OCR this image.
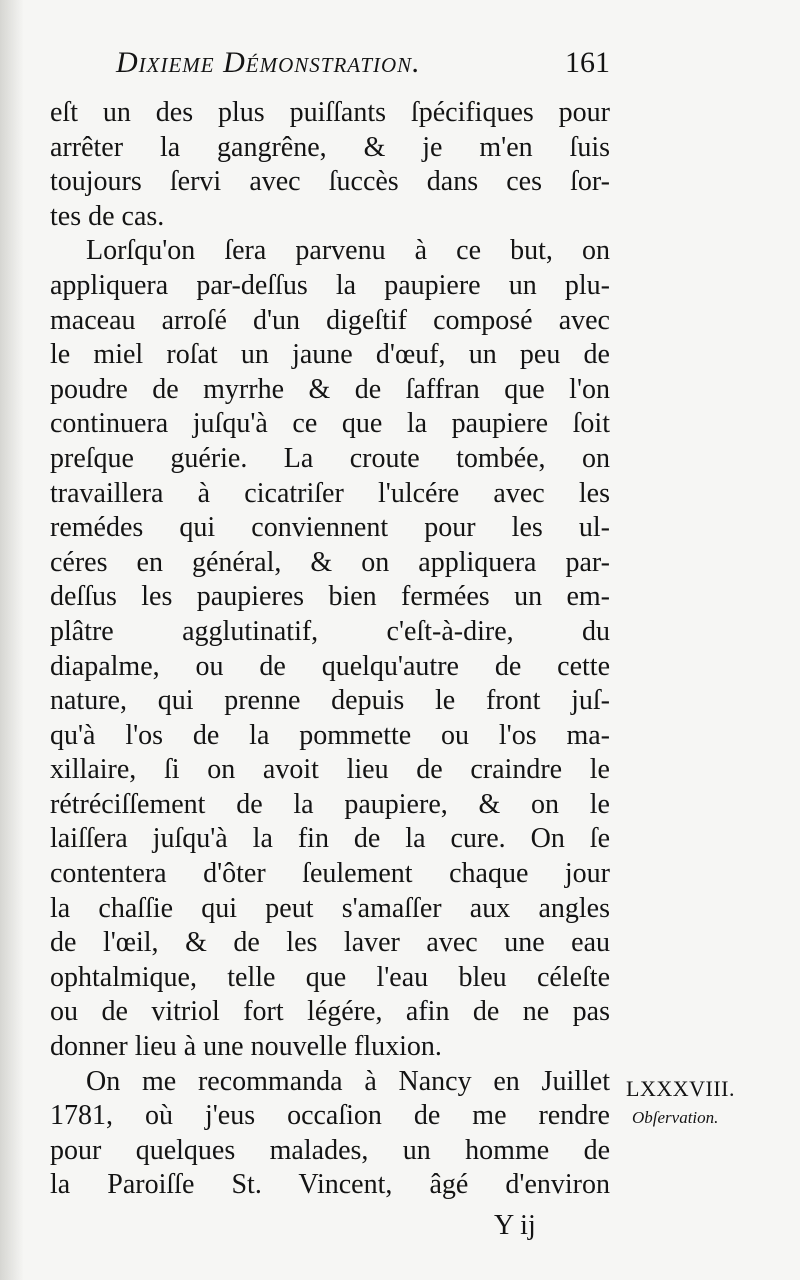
Dixieme Démonstration.	161
eſt un des plus puiſſants ſpécifiques pour
arrêter la gangrêne, & je m'en ſuis
toujours ſervi avec ſuccès dans ces ſor-
tes de cas.
Lorſqu'on ſera parvenu à ce but, on
appliquera par-deſſus la paupiere un plu-
maceau arroſé d'un digeſtif composé avec
le miel roſat un jaune d'œuf, un peu de
poudre de myrrhe & de ſaffran que l'on
continuera juſqu'à ce que la paupiere ſoit
preſque guérie. La croute tombée, on
travaillera à cicatriſer l'ulcére avec les
remédes qui conviennent pour les ul-
céres en général, & on appliquera par-
deſſus les paupieres bien fermées un em-
plâtre agglutinatif, c'eſt-à-dire, du
diapalme, ou de quelqu'autre de cette
nature, qui prenne depuis le front juſ-
qu'à l'os de la pommette ou l'os ma-
xillaire, ſi on avoit lieu de craindre le
rétréciſſement de la paupiere, & on le
laiſſera juſqu'à la fin de la cure. On ſe
contentera d'ôter ſeulement chaque jour
la chaſſie qui peut s'amaſſer aux angles
de l'œil, & de les laver avec une eau
ophtalmique, telle que l'eau bleu céleſte
ou de vitriol fort légére, afin de ne pas
donner lieu à une nouvelle fluxion.
On me recommanda à Nancy en Juillet
1781, où j'eus occaſion de me rendre
pour quelques malades, un homme de
la Paroiſſe St. Vincent, âgé d'environ
LXXXVIII.
Obſervation.
Y ij
